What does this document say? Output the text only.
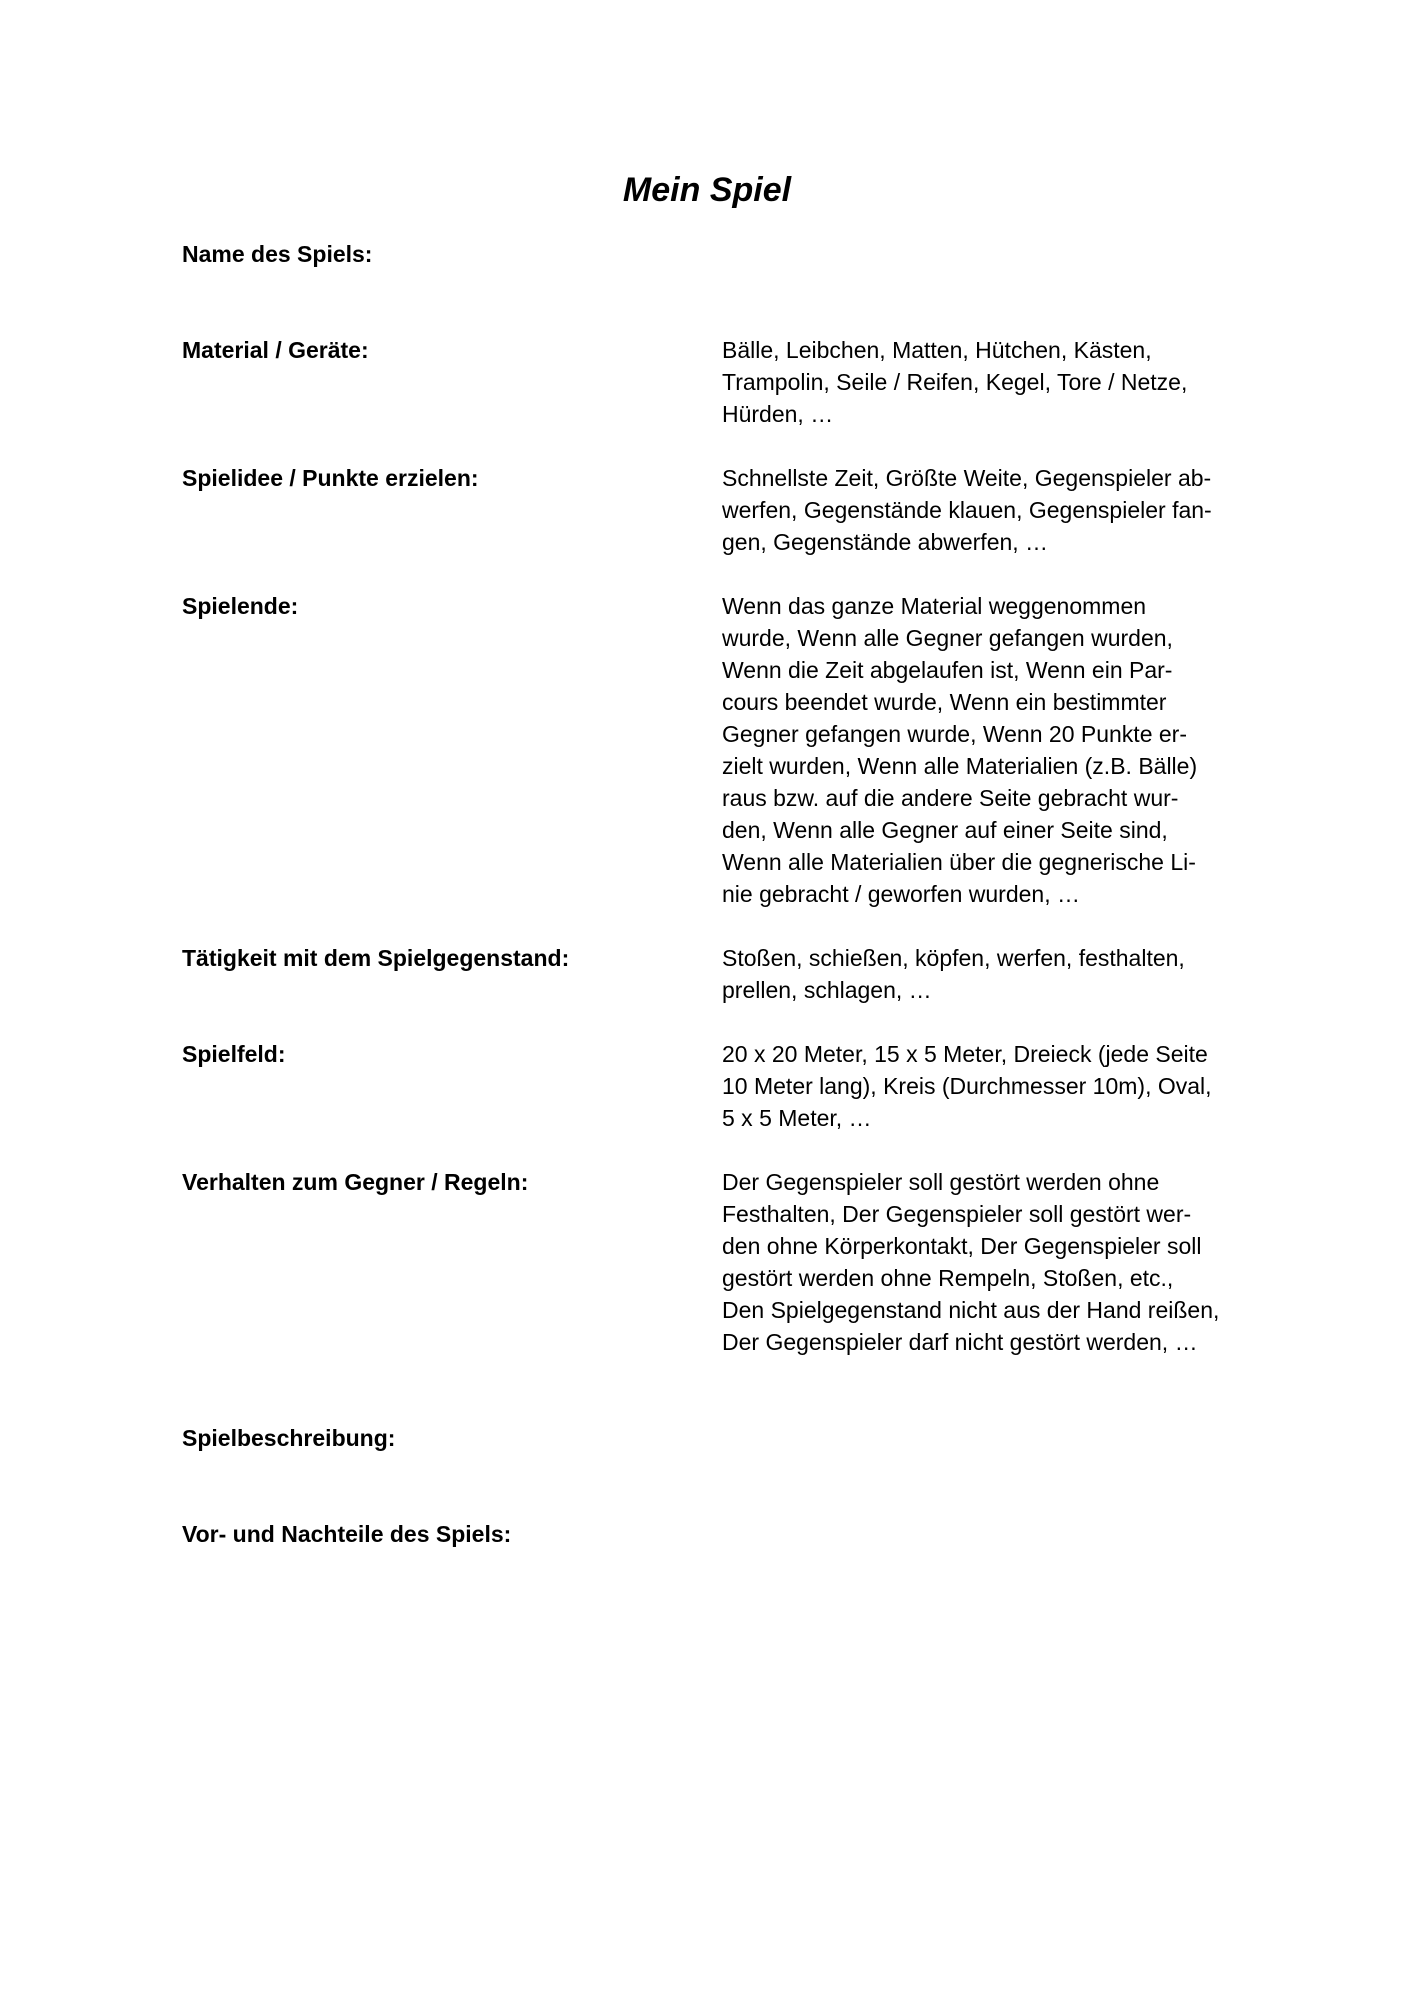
Mein Spiel

Name des Spiels:

Material / Geräte:	Bälle, Leibchen, Matten, Hütchen, Kästen,
Trampolin, Seile / Reifen, Kegel, Tore / Netze,
Hürden, …

Spielidee / Punkte erzielen:	Schnellste Zeit, Größte Weite, Gegenspieler ab-
werfen, Gegenstände klauen, Gegenspieler fan-
gen, Gegenstände abwerfen, …

Spielende:	Wenn das ganze Material weggenommen
wurde, Wenn alle Gegner gefangen wurden,
Wenn die Zeit abgelaufen ist, Wenn ein Par-
cours beendet wurde, Wenn ein bestimmter
Gegner gefangen wurde, Wenn 20 Punkte er-
zielt wurden, Wenn alle Materialien (z.B. Bälle)
raus bzw. auf die andere Seite gebracht wur-
den, Wenn alle Gegner auf einer Seite sind,
Wenn alle Materialien über die gegnerische Li-
nie gebracht / geworfen wurden, …

Tätigkeit mit dem Spielgegenstand:	Stoßen, schießen, köpfen, werfen, festhalten,
prellen, schlagen, …

Spielfeld:	20 x 20 Meter, 15 x 5 Meter, Dreieck (jede Seite
10 Meter lang), Kreis (Durchmesser 10m), Oval,
5 x 5 Meter, …

Verhalten zum Gegner / Regeln:	Der Gegenspieler soll gestört werden ohne
Festhalten, Der Gegenspieler soll gestört wer-
den ohne Körperkontakt, Der Gegenspieler soll
gestört werden ohne Rempeln, Stoßen, etc.,
Den Spielgegenstand nicht aus der Hand reißen,
Der Gegenspieler darf nicht gestört werden, …

Spielbeschreibung:

Vor- und Nachteile des Spiels:
